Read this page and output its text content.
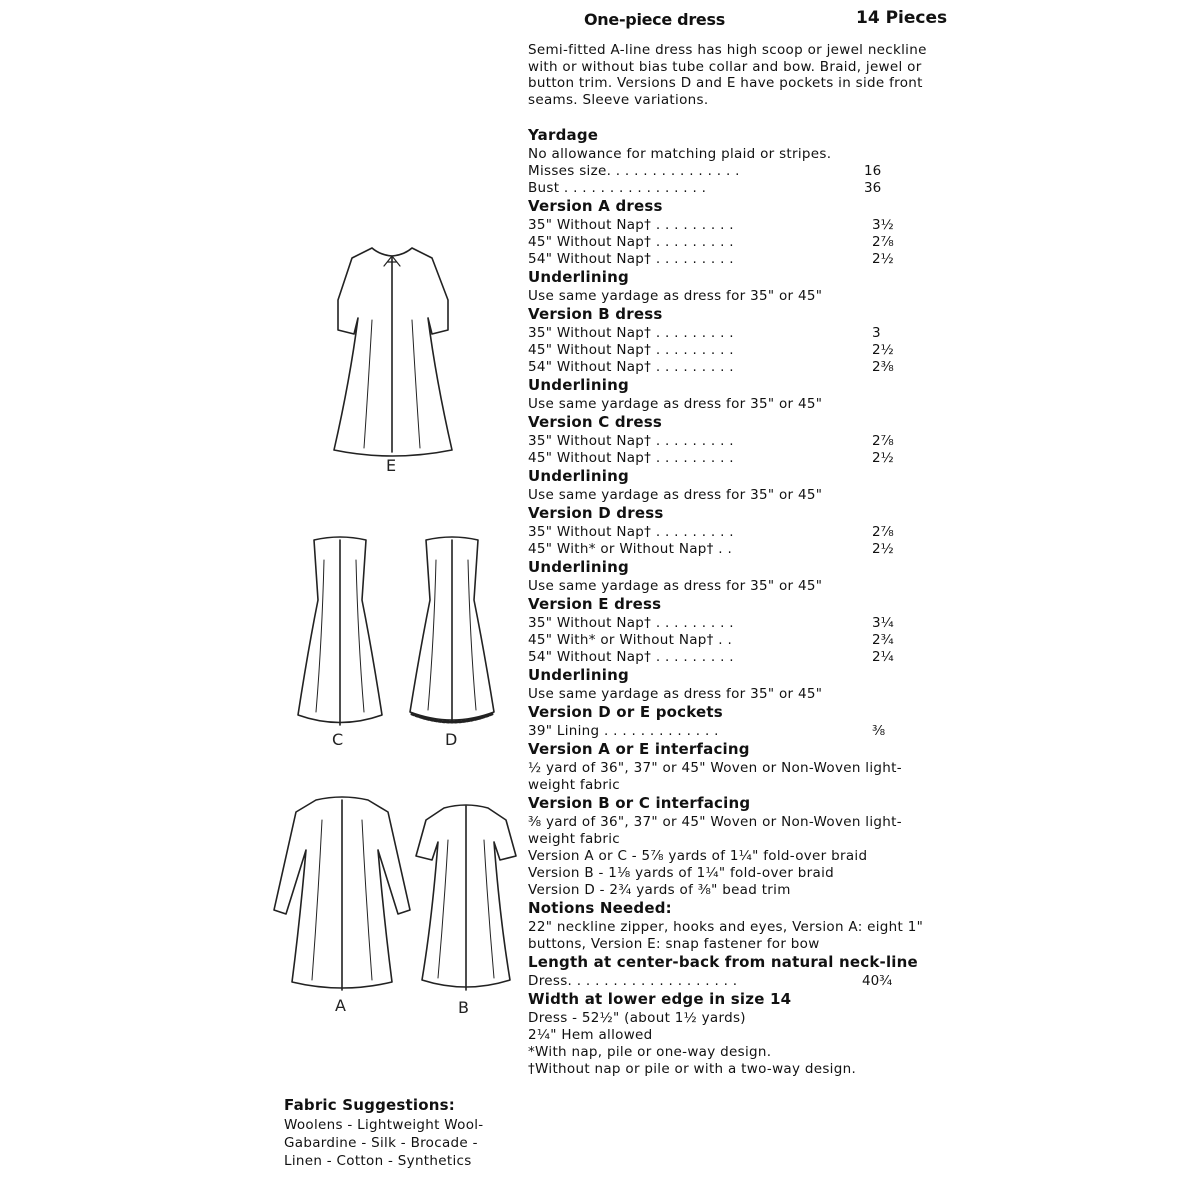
One-piece dress	14 Pieces
Semi-fitted A-line dress has high scoop or jewel neckline
with or without bias tube collar and bow. Braid, jewel or
button trim. Versions D and E have pockets in side front
seams. Sleeve variations.
Yardage
No allowance for matching plaid or stripes.
Misses size. . . . . . . . . . . . . . .	16
Bust . . . . . . . . . . . . . . . .	36
Version A dress
35" Without Nap† . . . . . . . . .	3½
45" Without Nap† . . . . . . . . .	2⅞
54" Without Nap† . . . . . . . . .	2½
Underlining
Use same yardage as dress for 35" or 45"
Version B dress
35" Without Nap† . . . . . . . . .	3
45" Without Nap† . . . . . . . . .	2½
54" Without Nap† . . . . . . . . .	2⅜
Underlining
Use same yardage as dress for 35" or 45"
Version C dress
35" Without Nap† . . . . . . . . .	2⅞
45" Without Nap† . . . . . . . . .	2½
Underlining
Use same yardage as dress for 35" or 45"
Version D dress
35" Without Nap† . . . . . . . . .	2⅞
45" With* or Without Nap† . .	2½
Underlining
Use same yardage as dress for 35" or 45"
Version E dress
35" Without Nap† . . . . . . . . .	3¼
45" With* or Without Nap† . .	2¾
54" Without Nap† . . . . . . . . .	2¼
Underlining
Use same yardage as dress for 35" or 45"
Version D or E pockets
39" Lining . . . . . . . . . . . . .	⅜
Version A or E interfacing
½ yard of 36", 37" or 45" Woven or Non-Woven light-
weight fabric
Version B or C interfacing
⅜ yard of 36", 37" or 45" Woven or Non-Woven light-
weight fabric
Version A or C - 5⅞ yards of 1¼" fold-over braid
Version B - 1⅛ yards of 1¼" fold-over braid
Version D - 2¾ yards of ⅜" bead trim
Notions Needed:
22" neckline zipper, hooks and eyes, Version A: eight 1"
buttons, Version E: snap fastener for bow
Length at center-back from natural neck-line
Dress. . . . . . . . . . . . . . . . . . .	40¾
Width at lower edge in size 14
Dress - 52½" (about 1½ yards)
2¼" Hem allowed
*With nap, pile or one-way design.
†Without nap or pile or with a two-way design.
E
C	D
A	B
Fabric Suggestions:
Woolens - Lightweight Wool-
Gabardine - Silk - Brocade -
Linen - Cotton - Synthetics
